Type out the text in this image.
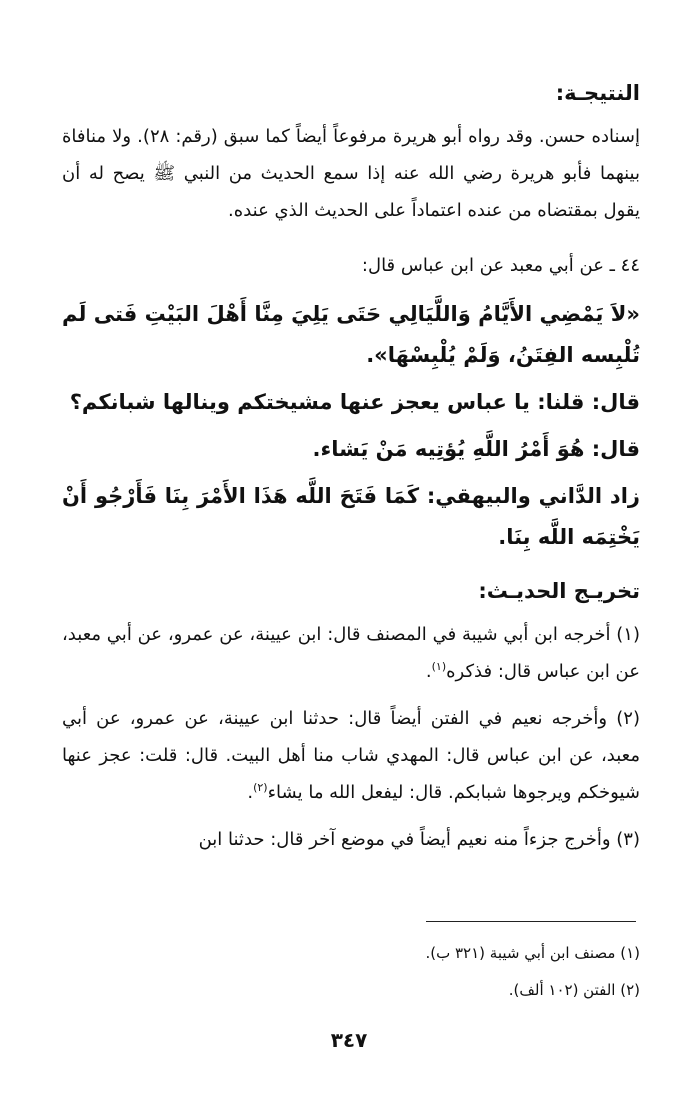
النتيجـة:
إسناده حسن. وقد رواه أبو هريرة مرفوعاً أيضاً كما سبق (رقم: ٢٨). ولا منافاة بينهما فأبو هريرة رضي الله عنه إذا سمع الحديث من النبي ﷺ يصح له أن يقول بمقتضاه من عنده اعتماداً على الحديث الذي عنده.
٤٤ ـ عن أبي معبد عن ابن عباس قال:
«لاَ يَمْضِي الأَيَّامُ وَاللَّيَالِي حَتَى يَلِيَ مِنَّا أَهْلَ البَيْتِ فَتى لَم تُلْبِسه الفِتَنُ، وَلَمْ يُلْبِسْهَا».
قال: قلنا: يا عباس يعجز عنها مشيختكم وينالها شبانكم؟
قال: هُوَ أَمْرُ اللَّهِ يُؤتِيه مَنْ يَشاء.
زاد الدَّاني والبيهقي: كَمَا فَتَحَ اللَّه هَذَا الأَمْرَ بِنَا فَأَرْجُو أَنْ يَخْتِمَه اللَّه بِنَا.
تخريـج الحديـث:
(١) أخرجه ابن أبي شيبة في المصنف قال: ابن عيينة، عن عمرو، عن أبي معبد، عن ابن عباس قال: فذكره$^{(١)}$.
(٢) وأخرجه نعيم في الفتن أيضاً قال: حدثنا ابن عيينة، عن عمرو، عن أبي معبد، عن ابن عباس قال: المهدي شاب منا أهل البيت. قال: قلت: عجز عنها شيوخكم ويرجوها شبابكم. قال: ليفعل الله ما يشاء$^{(٢)}$.
(٣) وأخرج جزءاً منه نعيم أيضاً في موضع آخر قال: حدثنا ابن
(١) مصنف ابن أبي شيبة (٣٢١ ب).
(٢) الفتن (١٠٢ ألف).
٣٤٧
